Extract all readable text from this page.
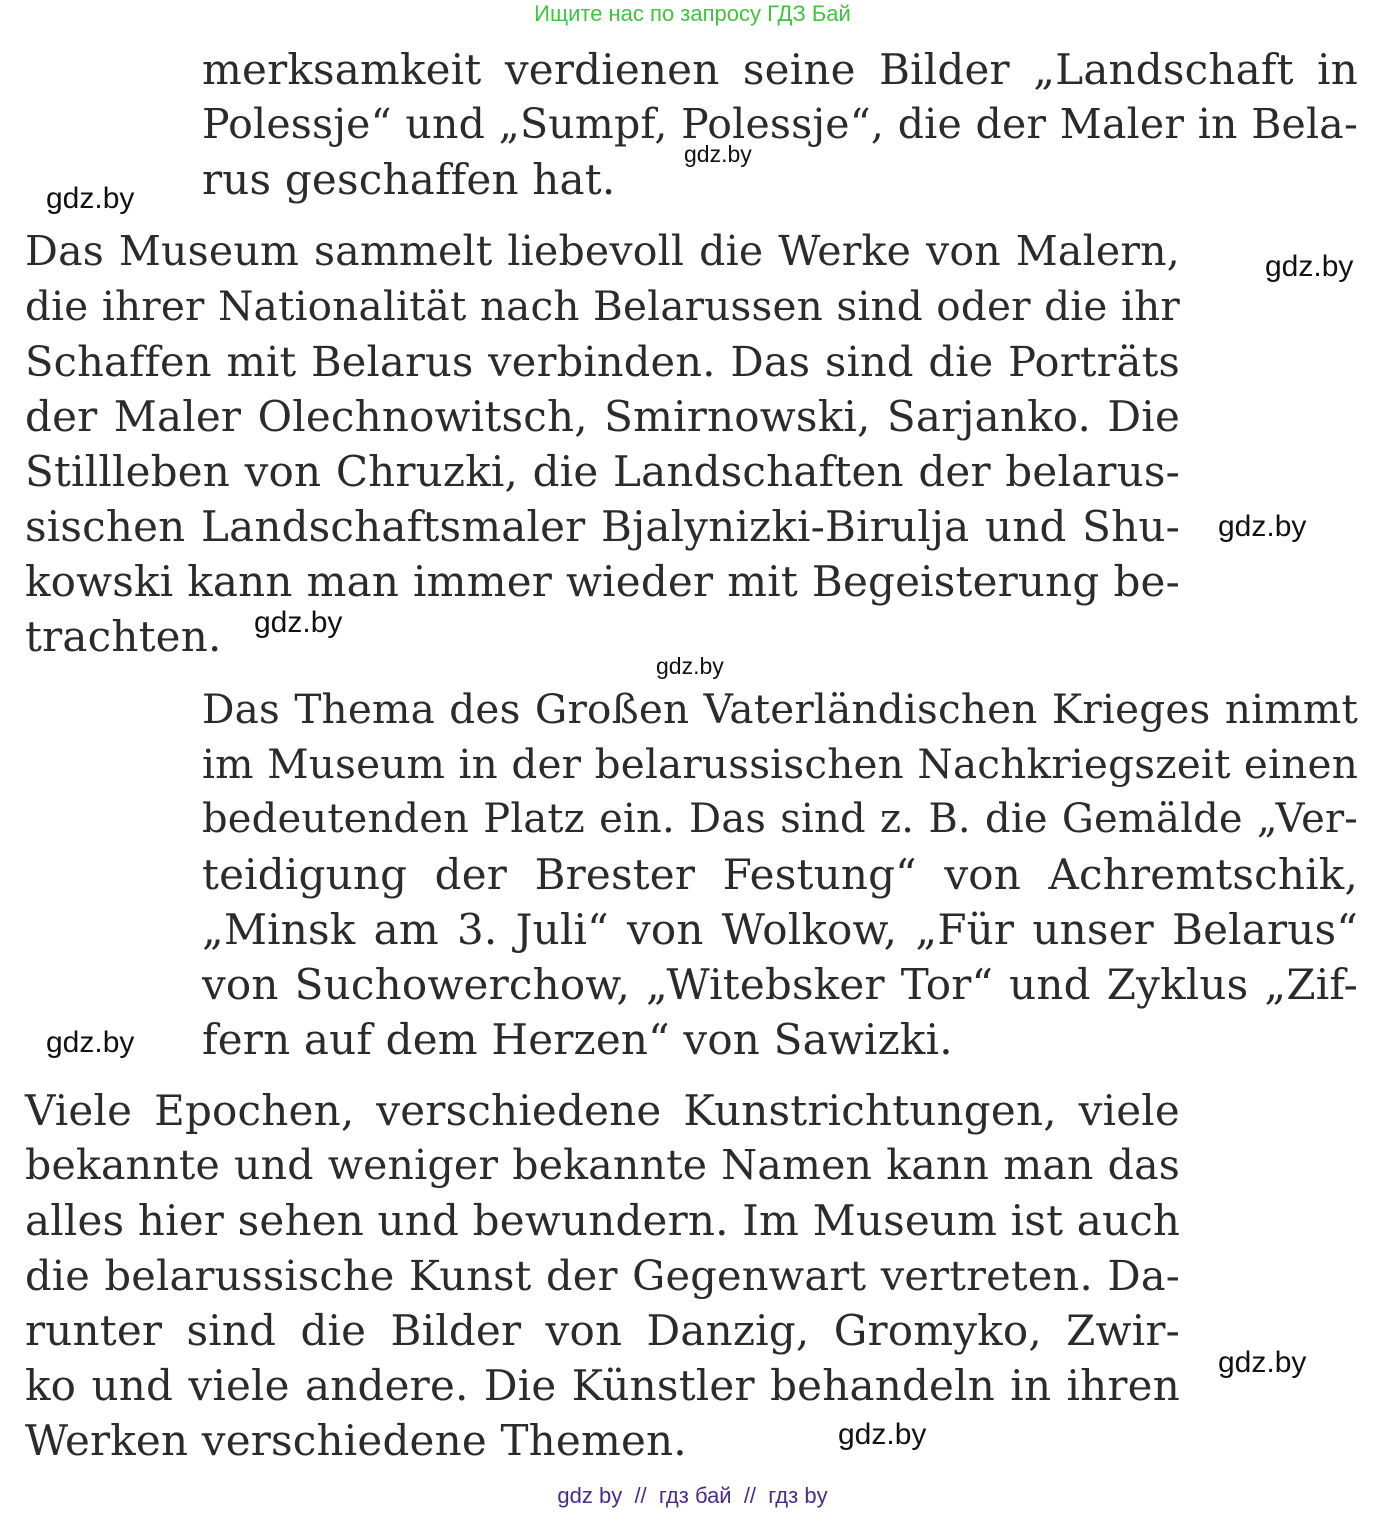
Ищите нас по запросу ГДЗ Бай
merksamkeit verdienen seine Bilder „Landschaft in
Polessje“ und „Sumpf, Polessje“, die der Maler in Bela-
rus geschaffen hat.
Das Museum sammelt liebevoll die Werke von Malern,
die ihrer Nationalität nach Belarussen sind oder die ihr
Schaffen mit Belarus verbinden. Das sind die Porträts
der Maler Olechnowitsch, Smirnowski, Sarjanko. Die
Stillleben von Chruzki, die Landschaften der belarus-
sischen Landschaftsmaler Bjalynizki-Birulja und Shu-
kowski kann man immer wieder mit Begeisterung be-
trachten.
Das Thema des Großen Vaterländischen Krieges nimmt
im Museum in der belarussischen Nachkriegszeit einen
bedeutenden Platz ein. Das sind z. B. die Gemälde „Ver-
teidigung der Brester Festung“ von Achremtschik,
„Minsk am 3. Juli“ von Wolkow, „Für unser Belarus“
von Suchowerchow, „Witebsker Tor“ und Zyklus „Zif-
fern auf dem Herzen“ von Sawizki.
Viele Epochen, verschiedene Kunstrichtungen, viele
bekannte und weniger bekannte Namen kann man das
alles hier sehen und bewundern. Im Museum ist auch
die belarussische Kunst der Gegenwart vertreten. Da-
runter sind die Bilder von Danzig, Gromyko, Zwir-
ko und viele andere. Die Künstler behandeln in ihren
Werken verschiedene Themen.
gdz.by
gdz.by
gdz.by
gdz.by
gdz.by
gdz.by
gdz.by
gdz.by
gdz.by
gdz by  //  гдз бай  //  гдз by
